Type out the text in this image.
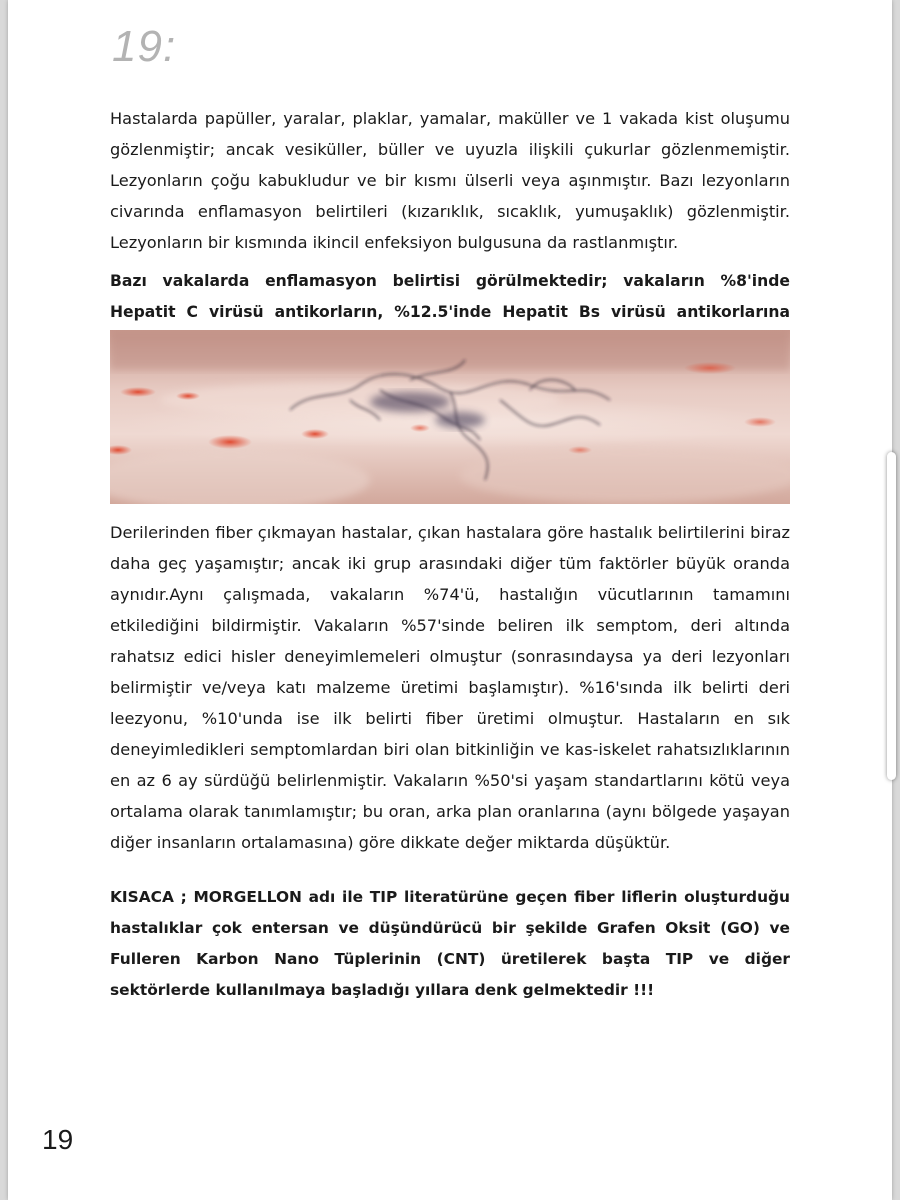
19:

Hastalarda papüller, yaralar, plaklar, yamalar, maküller ve 1 vakada kist oluşumu gözlenmiştir; ancak vesiküller, büller ve uyuzla ilişkili çukurlar gözlenmemiştir. Lezyonların çoğu kabukludur ve bir kısmı ülserli veya aşınmıştır. Bazı lezyonların civarında enflamasyon belirtileri (kızarıklık, sıcaklık, yumuşaklık) gözlenmiştir. Lezyonların bir kısmında ikincil enfeksiyon bulgusuna da rastlanmıştır.

Bazı vakalarda enflamasyon belirtisi görülmektedir; vakaların %8'inde Hepatit C virüsü antikorların, %12.5'inde Hepatit Bs virüsü antikorlarına

Derilerinden fiber çıkmayan hastalar, çıkan hastalara göre hastalık belirtilerini biraz daha geç yaşamıştır; ancak iki grup arasındaki diğer tüm faktörler büyük oranda aynıdır.Aynı çalışmada, vakaların %74'ü, hastalığın vücutlarının tamamını etkilediğini bildirmiştir. Vakaların %57'sinde beliren ilk semptom, deri altında rahatsız edici hisler deneyimlemeleri olmuştur (sonrasındaysa ya deri lezyonları belirmiştir ve/veya katı malzeme üretimi başlamıştır). %16'sında ilk belirti deri leezyonu, %10'unda ise ilk belirti fiber üretimi olmuştur. Hastaların en sık deneyimledikleri semptomlardan biri olan bitkinliğin ve kas-iskelet rahatsızlıklarının en az 6 ay sürdüğü belirlenmiştir. Vakaların %50'si yaşam standartlarını kötü veya ortalama olarak tanımlamıştır; bu oran, arka plan oranlarına (aynı bölgede yaşayan diğer insanların ortalamasına) göre dikkate değer miktarda düşüktür.

KISACA ; MORGELLON adı ile TIP literatürüne geçen fiber liflerin oluşturduğu hastalıklar çok entersan ve düşündürücü bir şekilde Grafen Oksit (GO) ve Fulleren Karbon Nano Tüplerinin (CNT) üretilerek başta TIP ve diğer sektörlerde kullanılmaya başladığı yıllara denk gelmektedir !!!

19
